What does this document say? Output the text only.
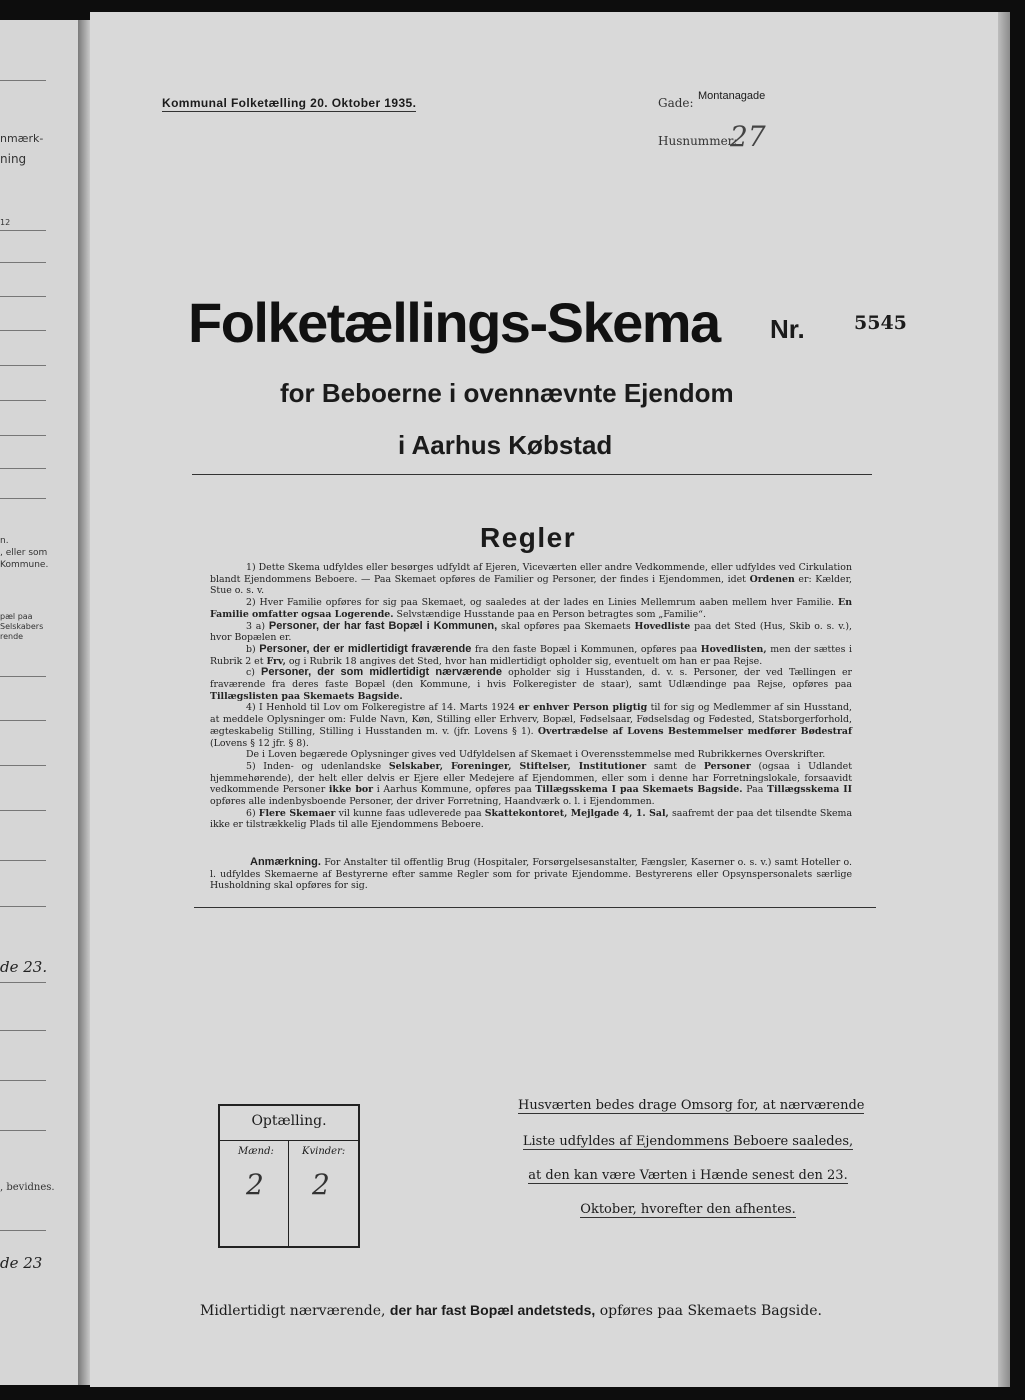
nmærk-
ning
12
n.
, eller som
Kommune.
pæl paa
Selskabers
rende
de 23.
, bevidnes.
de 23
Kommunal Folketælling 20. Oktober 1935.	Gade: Montanagade
Husnummer:
27
Folketællings-Skema Nr.	5545
for Beboerne i ovennævnte Ejendom
i Aarhus Købstad
Regler

1) Dette Skema udfyldes eller besørges udfyldt af Ejeren, Viceværten eller andre Vedkommende, eller udfyldes ved Cirkulation blandt Ejendommens Beboere. — Paa Skemaet opføres de Familier og Personer, der findes i Ejendommen, idet Ordenen er: Kælder, Stue o. s. v.

2) Hver Familie opføres for sig paa Skemaet, og saaledes at der lades en Linies Mellemrum aaben mellem hver Familie. En Familie omfatter ogsaa Logerende. Selvstændige Husstande paa en Person betragtes som „Familie“.

3 a) Personer, der har fast Bopæl i Kommunen, skal opføres paa Skemaets Hovedliste paa det Sted (Hus, Skib o. s. v.), hvor Bopælen er.

b) Personer, der er midlertidigt fraværende fra den faste Bopæl i Kommunen, opføres paa Hovedlisten, men der sættes i Rubrik 2 et Frv, og i Rubrik 18 angives det Sted, hvor han midlertidigt opholder sig, eventuelt om han er paa Rejse.

c) Personer, der som midlertidigt nærværende opholder sig i Husstanden, d. v. s. Personer, der ved Tællingen er fraværende fra deres faste Bopæl (den Kommune, i hvis Folkeregister de staar), samt Udlændinge paa Rejse, opføres paa Tillægslisten paa Skemaets Bagside.

4) I Henhold til Lov om Folkeregistre af 14. Marts 1924 er enhver Person pligtig til for sig og Medlemmer af sin Husstand, at meddele Oplysninger om: Fulde Navn, Køn, Stilling eller Erhverv, Bopæl, Fødselsaar, Fødselsdag og Fødested, Statsborgerforhold, ægteskabelig Stilling, Stilling i Husstanden m. v. (jfr. Lovens § 1). Overtrædelse af Lovens Bestemmelser medfører Bødestraf (Lovens § 12 jfr. § 8).

De i Loven begærede Oplysninger gives ved Udfyldelsen af Skemaet i Overensstemmelse med Rubrikkernes Overskrifter.

5) Inden- og udenlandske Selskaber, Foreninger, Stiftelser, Institutioner samt de Personer (ogsaa i Udlandet hjemmehørende), der helt eller delvis er Ejere eller Medejere af Ejendommen, eller som i denne har Forretningslokale, forsaavidt vedkommende Personer ikke bor i Aarhus Kommune, opføres paa Tillægsskema I paa Skemaets Bagside. Paa Tillægsskema II opføres alle indenbysboende Personer, der driver Forretning, Haandværk o. l. i Ejendommen.

6) Flere Skemaer vil kunne faas udleverede paa Skattekontoret, Mejlgade 4, 1. Sal, saafremt der paa det tilsendte Skema ikke er tilstrækkelig Plads til alle Ejendommens Beboere.

Anmærkning. For Anstalter til offentlig Brug (Hospitaler, Forsørgelsesanstalter, Fængsler, Kaserner o. s. v.) samt Hoteller o. l. udfyldes Skemaerne af Bestyrerne efter samme Regler som for private Ejendomme. Bestyrerens eller Opsynspersonalets særlige Husholdning skal opføres for sig.

Optælling.
Mænd:	Kvinder:
2 2
Husværten bedes drage Omsorg for, at nærværende
Liste udfyldes af Ejendommens Beboere saaledes,
at den kan være Værten i Hænde senest den 23.
Oktober, hvorefter den afhentes.
Midlertidigt nærværende, der har fast Bopæl andetsteds, opføres paa Skemaets Bagside.
